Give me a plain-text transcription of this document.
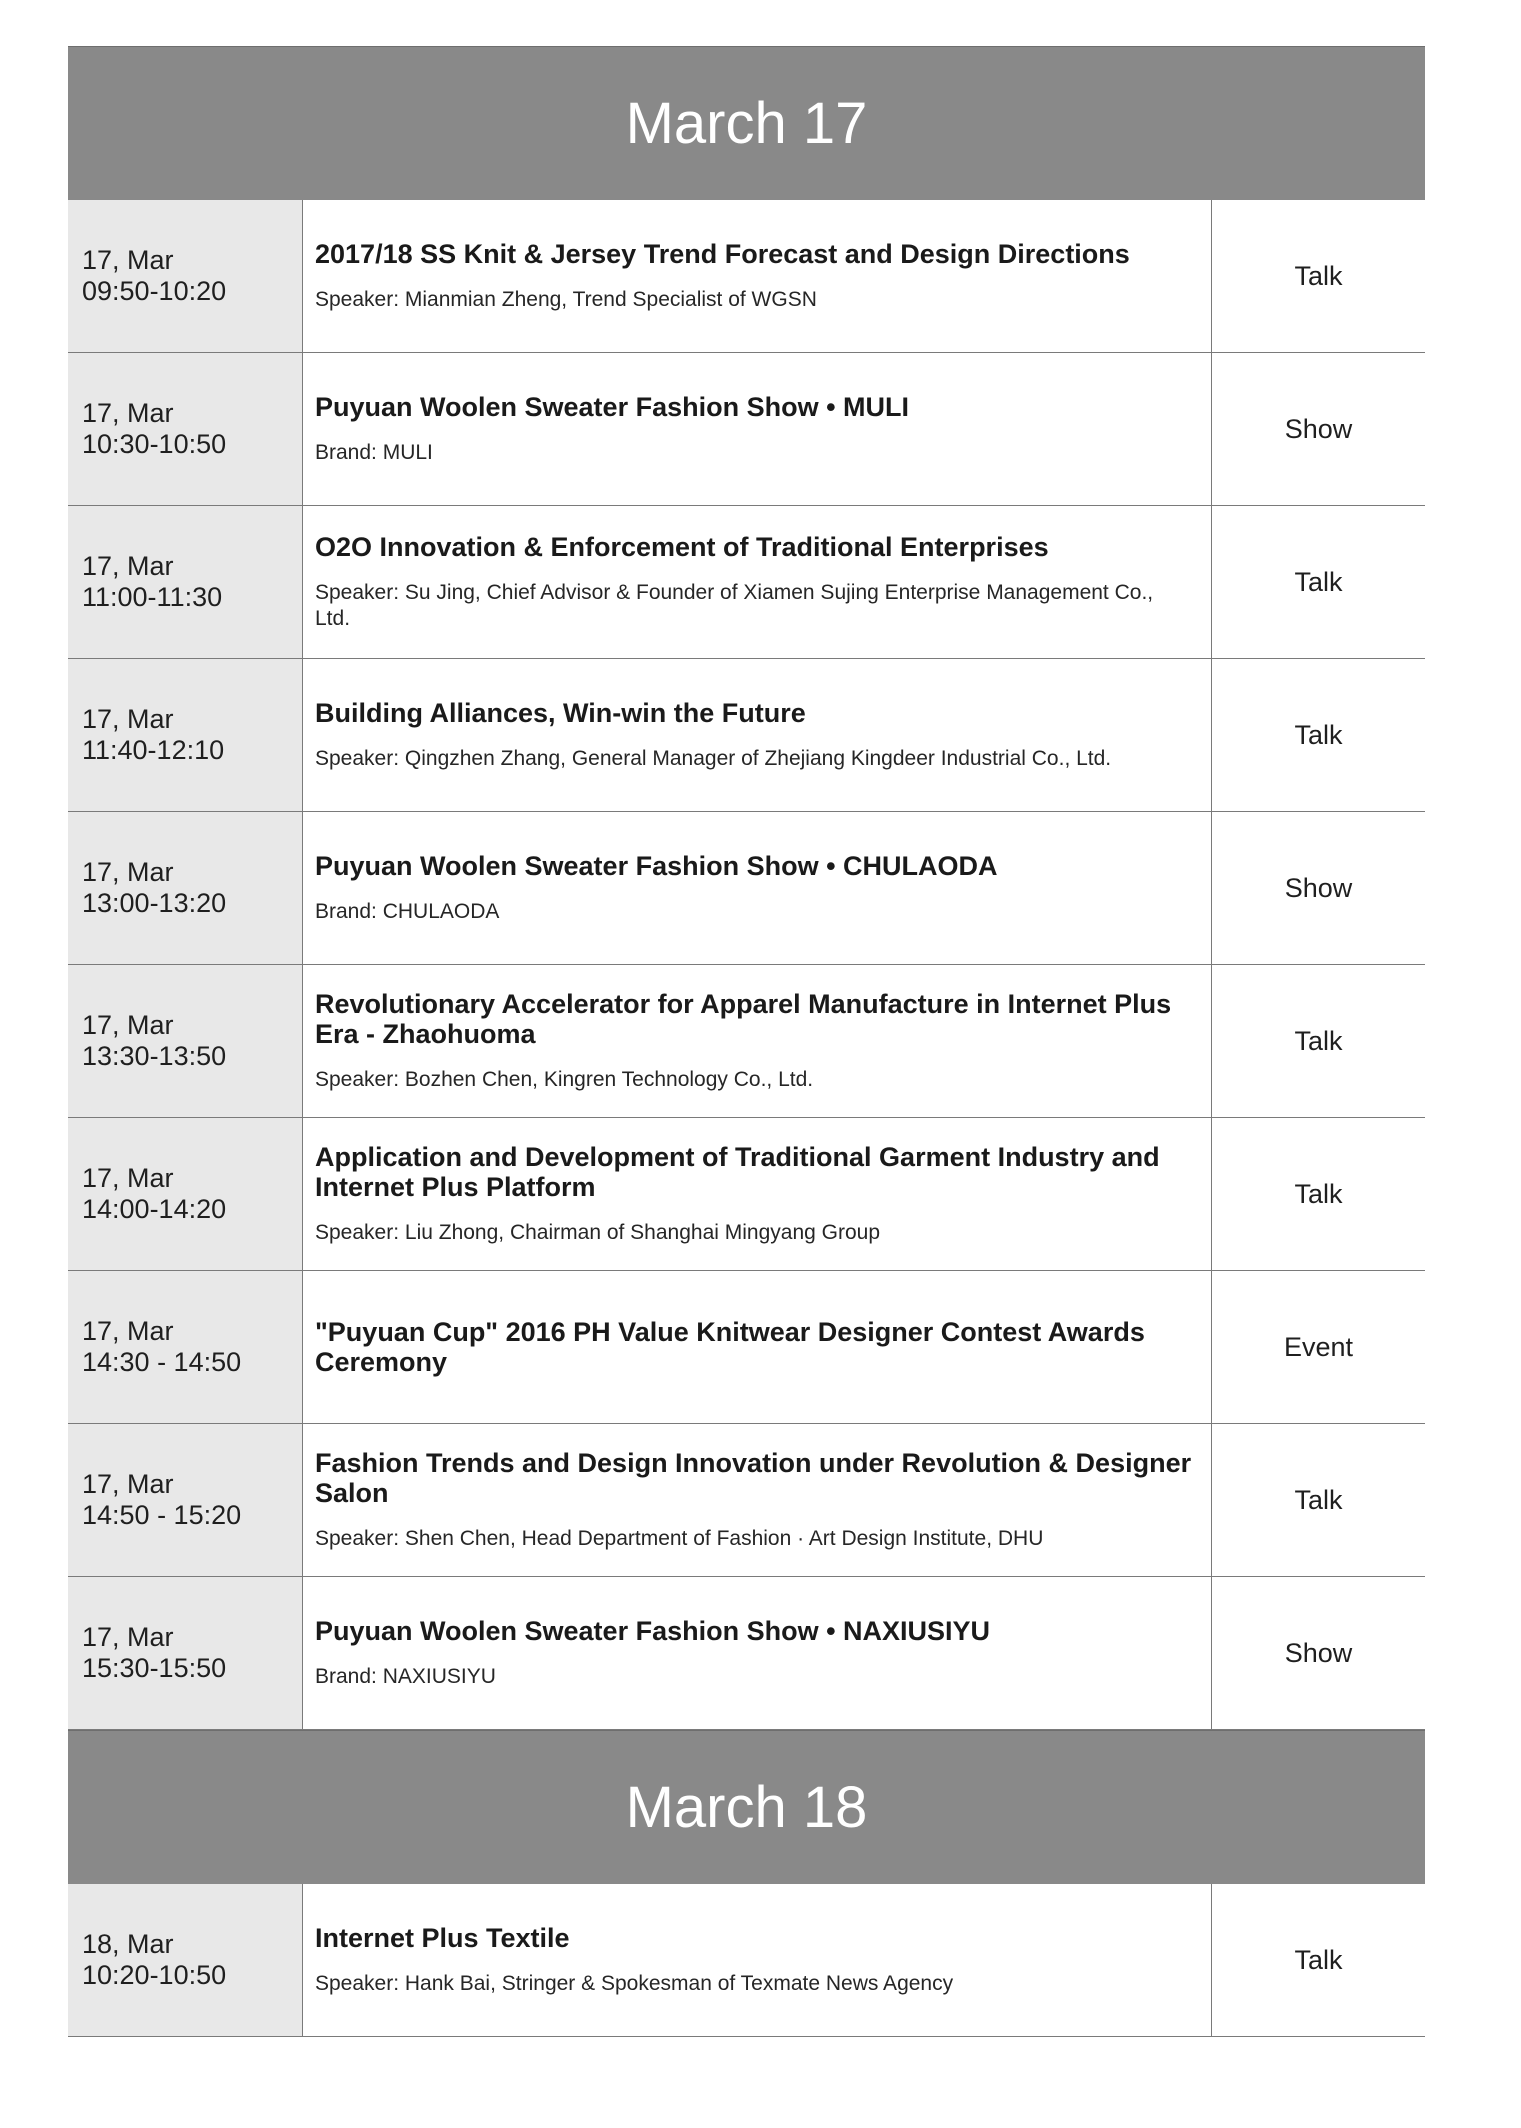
March 17
17, Mar
09:50-10:20
2017/18 SS Knit & Jersey Trend Forecast and Design Directions
Speaker: Mianmian Zheng, Trend Specialist of WGSN
Talk
17, Mar
10:30-10:50
Puyuan Woolen Sweater Fashion Show • MULI
Brand: MULI
Show
17, Mar
11:00-11:30
O2O Innovation & Enforcement of Traditional Enterprises
Speaker: Su Jing, Chief Advisor & Founder of Xiamen Sujing Enterprise Management Co., Ltd.
Talk
17, Mar
11:40-12:10
Building Alliances, Win-win the Future
Speaker: Qingzhen Zhang, General Manager of Zhejiang Kingdeer Industrial Co., Ltd.
Talk
17, Mar
13:00-13:20
Puyuan Woolen Sweater Fashion Show • CHULAODA
Brand: CHULAODA
Show
17, Mar
13:30-13:50
Revolutionary Accelerator for Apparel Manufacture in Internet Plus Era - Zhaohuoma
Speaker: Bozhen Chen, Kingren Technology Co., Ltd.
Talk
17, Mar
14:00-14:20
Application and Development of Traditional Garment Industry and Internet Plus Platform
Speaker: Liu Zhong, Chairman of Shanghai Mingyang Group
Talk
17, Mar
14:30 - 14:50
"Puyuan Cup" 2016 PH Value Knitwear Designer Contest Awards Ceremony
Event
17, Mar
14:50 - 15:20
Fashion Trends and Design Innovation under Revolution & Designer Salon
Speaker: Shen Chen, Head Department of Fashion · Art Design Institute, DHU
Talk
17, Mar
15:30-15:50
Puyuan Woolen Sweater Fashion Show • NAXIUSIYU
Brand: NAXIUSIYU
Show
March 18
18, Mar
10:20-10:50
Internet Plus Textile
Speaker: Hank Bai, Stringer & Spokesman of Texmate News Agency
Talk
